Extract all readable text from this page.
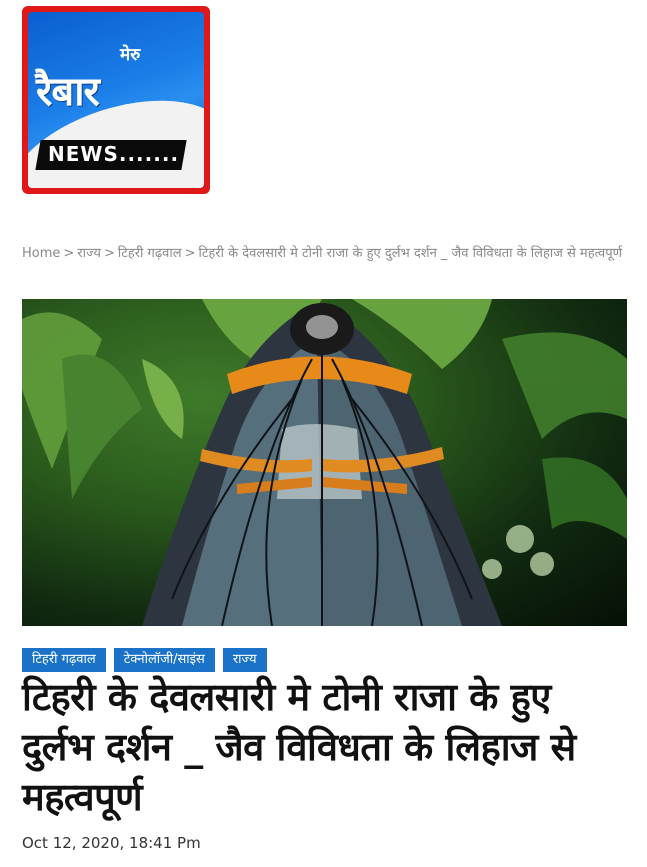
मेरु
रैबार
NEWS.......
Home > राज्य > टिहरी गढ़वाल > टिहरी के देवलसारी मे टोनी राजा के हुए दुर्लभ दर्शन _ जैव विविधता के लिहाज से महत्वपूर्ण
टिहरी गढ़वाल	टेक्नोलॉजी/साइंस	राज्य
टिहरी के देवलसारी मे टोनी राजा के हुए दुर्लभ दर्शन _ जैव विविधता के लिहाज से महत्वपूर्ण
Oct 12, 2020, 18:41 Pm
